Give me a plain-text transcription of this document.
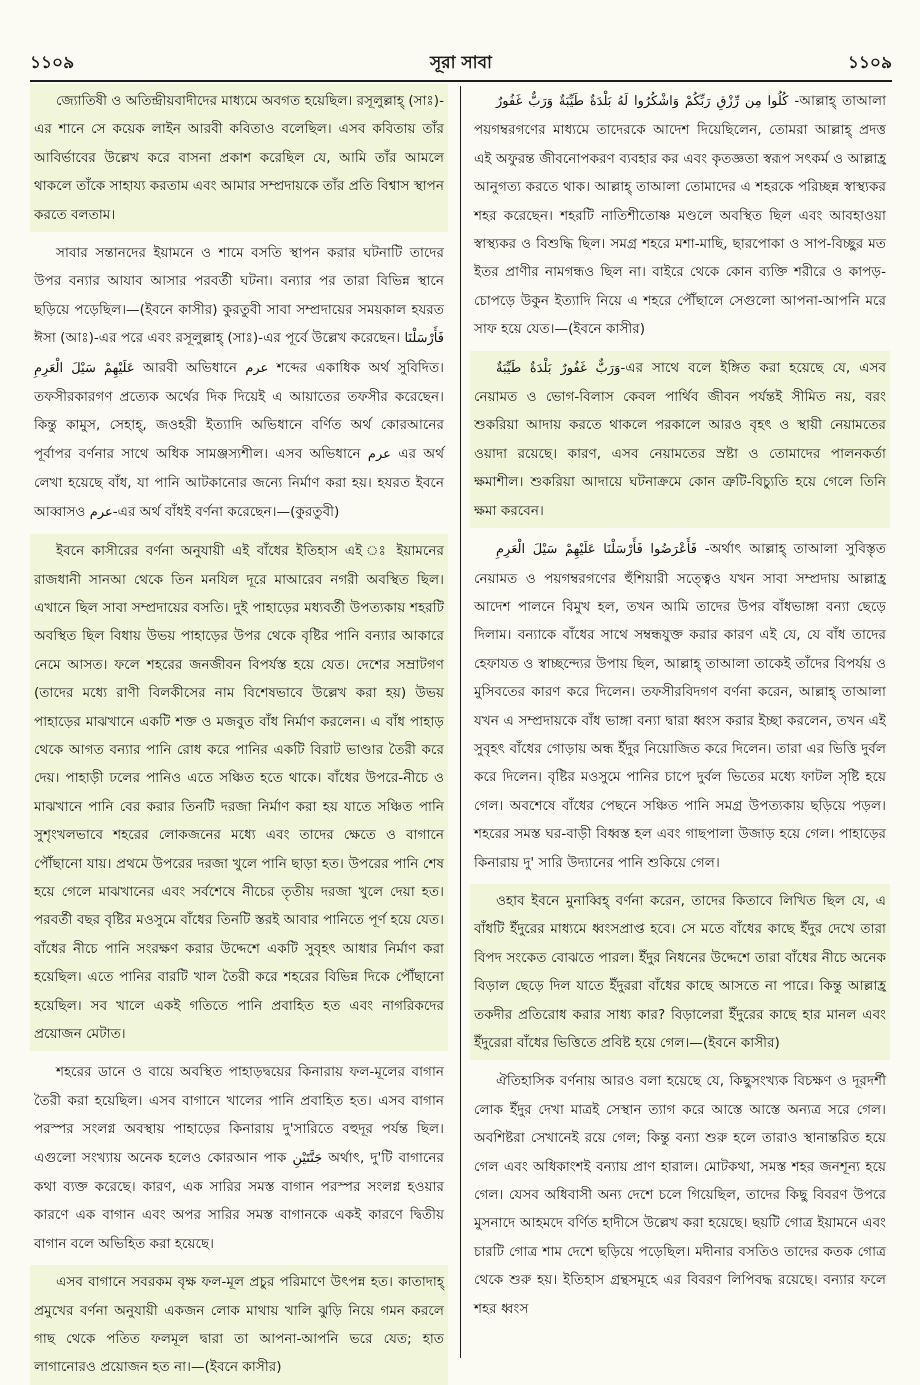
১১০৯	সূরা সাবা	১১০৯

জ্যোতিষী ও অতিন্দ্রীয়বাদীদের মাধ্যমে অবগত হয়েছিল। রসূলুল্লাহ্ (সাঃ)-এর শানে সে কয়েক লাইন আরবী কবিতাও বলেছিল। এসব কবিতায় তাঁর আবির্ভাবের উল্লেখ করে বাসনা প্রকাশ করেছিল যে, আমি তাঁর আমলে থাকলে তাঁকে সাহায্য করতাম এবং আমার সম্প্রদায়কে তাঁর প্রতি বিশ্বাস স্থাপন করতে বলতাম।

সাবার সন্তানদের ইয়ামনে ও শামে বসতি স্থাপন করার ঘটনাটি তাদের উপর বন্যার আযাব আসার পরবর্তী ঘটনা। বন্যার পর তারা বিভিন্ন স্থানে ছড়িয়ে পড়েছিল।—(ইবনে কাসীর) কুরতুবী সাবা সম্প্রদায়ের সময়কাল হযরত ঈসা (আঃ)-এর পরে এবং রসূলুল্লাহ্ (সাঃ)-এর পূর্বে উল্লেখ করেছেন। فَأَرْسَلْنَا عَلَيْهِمْ سَيْلَ الْعَرِمِ আরবী অভিধানে عرم শব্দের একাধিক অর্থ সুবিদিত। তফসীরকারগণ প্রত্যেক অর্থের দিক দিয়েই এ আয়াতের তফসীর করেছেন। কিন্তু কামুস, সেহাহ্, জওহরী ইত্যাদি অভিধানে বর্ণিত অর্থ কোরআনের পূর্বাপর বর্ণনার সাথে অধিক সামঞ্জস্যশীল। এসব অভিধানে عرم এর অর্থ লেখা হয়েছে বাঁধ, যা পানি আটকানোর জন্যে নির্মাণ করা হয়। হযরত ইবনে আব্বাসও عرم-এর অর্থ বাঁধই বর্ণনা করেছেন।—(কুরতুবী)

ইবনে কাসীরের বর্ণনা অনুযায়ী এই বাঁধের ইতিহাস এই ঃ ইয়ামনের রাজধানী সানআ থেকে তিন মনযিল দূরে মাআরেব নগরী অবস্থিত ছিল। এখানে ছিল সাবা সম্প্রদায়ের বসতি। দুই পাহাড়ের মধ্যবর্তী উপত্যকায় শহরটি অবস্থিত ছিল বিধায় উভয় পাহাড়ের উপর থেকে বৃষ্টির পানি বন্যার আকারে নেমে আসত। ফলে শহরের জনজীবন বিপর্যস্ত হয়ে যেত। দেশের সম্রাটগণ (তাদের মধ্যে রাণী বিলকীসের নাম বিশেষভাবে উল্লেখ করা হয়) উভয় পাহাড়ের মাঝখানে একটি শক্ত ও মজবুত বাঁধ নির্মাণ করলেন। এ বাঁধ পাহাড় থেকে আগত বন্যার পানি রোধ করে পানির একটি বিরাট ভাণ্ডার তৈরী করে দেয়। পাহাড়ী ঢলের পানিও এতে সঞ্চিত হতে থাকে। বাঁধের উপরে-নীচে ও মাঝখানে পানি বের করার তিনটি দরজা নির্মাণ করা হয় যাতে সঞ্চিত পানি সুশৃংখলভাবে শহরের লোকজনের মধ্যে এবং তাদের ক্ষেতে ও বাগানে পৌঁছানো যায়। প্রথমে উপরের দরজা খুলে পানি ছাড়া হত। উপরের পানি শেষ হয়ে গেলে মাঝখানের এবং সর্বশেষে নীচের তৃতীয় দরজা খুলে দেয়া হত। পরবর্তী বছর বৃষ্টির মওসুমে বাঁধের তিনটি স্তরই আবার পানিতে পূর্ণ হয়ে যেত। বাঁধের নীচে পানি সংরক্ষণ করার উদ্দেশে একটি সুবৃহৎ আধার নির্মাণ করা হয়েছিল। এতে পানির বারটি খাল তৈরী করে শহরের বিভিন্ন দিকে পৌঁছানো হয়েছিল। সব খালে একই গতিতে পানি প্রবাহিত হত এবং নাগরিকদের প্রয়োজন মেটাত।

শহরের ডানে ও বায়ে অবস্থিত পাহাড়দ্বয়ের কিনারায় ফল-মূলের বাগান তৈরী করা হয়েছিল। এসব বাগানে খালের পানি প্রবাহিত হত। এসব বাগান পরস্পর সংলগ্ন অবস্থায় পাহাড়ের কিনারায় দু'সারিতে বহুদূর পর্যন্ত ছিল। এগুলো সংখ্যায় অনেক হলেও কোরআন পাক جَنَّتَيْنِ অর্থাৎ, দু'টি বাগানের কথা ব্যক্ত করেছে। কারণ, এক সারির সমস্ত বাগান পরস্পর সংলগ্ন হওয়ার কারণে এক বাগান এবং অপর সারির সমস্ত বাগানকে একই কারণে দ্বিতীয় বাগান বলে অভিহিত করা হয়েছে।

এসব বাগানে সবরকম বৃক্ষ ফল-মূল প্রচুর পরিমাণে উৎপন্ন হত। কাতাদাহ্ প্রমুখের বর্ণনা অনুযায়ী একজন লোক মাথায় খালি ঝুড়ি নিয়ে গমন করলে গাছ থেকে পতিত ফলমূল দ্বারা তা আপনা-আপনি ভরে যেত; হাত লাগানোরও প্রয়োজন হত না।—(ইবনে কাসীর)

كُلُوا مِن رِّزْقِ رَبِّكُمْ وَاشْكُرُوا لَهُ بَلْدَةٌ طَيِّبَةٌ وَرَبٌّ غَفُورٌ -আল্লাহ্ তাআলা পয়গম্বরগণের মাধ্যমে তাদেরকে আদেশ দিয়েছিলেন, তোমরা আল্লাহ্ প্রদত্ত এই অফুরন্ত জীবনোপকরণ ব্যবহার কর এবং কৃতজ্ঞতা স্বরূপ সৎকর্ম ও আল্লাহ্র আনুগত্য করতে থাক। আল্লাহ্ তাআলা তোমাদের এ শহরকে পরিচ্ছন্ন স্বাস্থ্যকর শহর করেছেন। শহরটি নাতিশীতোষ্ণ মণ্ডলে অবস্থিত ছিল এবং আবহাওয়া স্বাস্থ্যকর ও বিশুদ্ধি ছিল। সমগ্র শহরে মশা-মাছি, ছারপোকা ও সাপ-বিচ্ছুর মত ইতর প্রাণীর নামগন্ধও ছিল না। বাইরে থেকে কোন ব্যক্তি শরীরে ও কাপড়-চোপড়ে উকুন ইত্যাদি নিয়ে এ শহরে পৌঁছালে সেগুলো আপনা-আপনি মরে সাফ হয়ে যেত।—(ইবনে কাসীর)

بَلْدَةٌ طَيِّبَةٌ وَرَبٌّ غَفُورٌ-এর সাথে বলে ইঙ্গিত করা হয়েছে যে, এসব নেয়ামত ও ভোগ-বিলাস কেবল পার্থিব জীবন পর্যন্তই সীমিত নয়, বরং শুকরিয়া আদায় করতে থাকলে পরকালে আরও বৃহৎ ও স্থায়ী নেয়ামতের ওয়াদা রয়েছে। কারণ, এসব নেয়ামতের স্রষ্টা ও তোমাদের পালনকর্তা ক্ষমাশীল। শুকরিয়া আদায়ে ঘটনাক্রমে কোন ত্রুটি-বিচ্যুতি হয়ে গেলে তিনি ক্ষমা করবেন।

فَأَعْرَضُوا فَأَرْسَلْنَا عَلَيْهِمْ سَيْلَ الْعَرِمِ -অর্থাৎ আল্লাহ্ তাআলা সুবিস্তৃত নেয়ামত ও পয়গম্বরগণের হুঁশিয়ারী সত্ত্বেও যখন সাবা সম্প্রদায় আল্লাহ্র আদেশ পালনে বিমুখ হল, তখন আমি তাদের উপর বাঁধভাঙ্গা বন্যা ছেড়ে দিলাম। বন্যাকে বাঁধের সাথে সম্বন্ধযুক্ত করার কারণ এই যে, যে বাঁধ তাদের হেফাযত ও স্বাচ্ছন্দ্যের উপায় ছিল, আল্লাহ্ তাআলা তাকেই তাঁদের বিপর্যয় ও মুসিবতের কারণ করে দিলেন। তফসীরবিদগণ বর্ণনা করেন, আল্লাহ্ তাআলা যখন এ সম্প্রদায়কে বাঁধ ভাঙ্গা বন্যা দ্বারা ধ্বংস করার ইচ্ছা করলেন, তখন এই সুবৃহৎ বাঁধের গোড়ায় অন্ধ ইঁদুর নিয়োজিত করে দিলেন। তারা এর ভিত্তি দুর্বল করে দিলেন। বৃষ্টির মওসুমে পানির চাপে দুর্বল ভিতের মধ্যে ফাটল সৃষ্টি হয়ে গেল। অবশেষে বাঁধের পেছনে সঞ্চিত পানি সমগ্র উপত্যকায় ছড়িয়ে পড়ল। শহরের সমস্ত ঘর-বাড়ী বিধ্বস্ত হল এবং গাছপালা উজাড় হয়ে গেল। পাহাড়ের কিনারায় দু' সারি উদ্যানের পানি শুকিয়ে গেল।

ওহাব ইবনে মুনাব্বিহ্ বর্ণনা করেন, তাদের কিতাবে লিখিত ছিল যে, এ বাঁধটি ইঁদুরের মাধ্যমে ধ্বংসপ্রাপ্ত হবে। সে মতে বাঁধের কাছে ইঁদুর দেখে তারা বিপদ সংকেত বোঝতে পারল। ইঁদুর নিধনের উদ্দেশে তারা বাঁধের নীচে অনেক বিড়াল ছেড়ে দিল যাতে ইঁদুররা বাঁধের কাছে আসতে না পারে। কিন্তু আল্লাহ্র তকদীর প্রতিরোধ করার সাধ্য কার? বিড়ালেরা ইঁদুরের কাছে হার মানল এবং ইঁদুরেরা বাঁধের ভিত্তিতে প্রবিষ্ট হয়ে গেল।—(ইবনে কাসীর)

ঐতিহাসিক বর্ণনায় আরও বলা হয়েছে যে, কিছুসংখ্যক বিচক্ষণ ও দূরদর্শী লোক ইঁদুর দেখা মাত্রই সেস্থান ত্যাগ করে আস্তে আস্তে অন্যত্র সরে গেল। অবশিষ্টরা সেখানেই রয়ে গেল; কিন্তু বন্যা শুরু হলে তারাও স্থানান্তরিত হয়ে গেল এবং অধিকাংশই বন্যায় প্রাণ হারাল। মোটকথা, সমস্ত শহর জনশূন্য হয়ে গেল। যেসব অধিবাসী অন্য দেশে চলে গিয়েছিল, তাদের কিছু বিবরণ উপরে মুসনাদে আহমদে বর্ণিত হাদীসে উল্লেখ করা হয়েছে। ছয়টি গোত্র ইয়ামনে এবং চারটি গোত্র শাম দেশে ছড়িয়ে পড়েছিল। মদীনার বসতিও তাদের কতক গোত্র থেকে শুরু হয়। ইতিহাস গ্রন্থসমূহে এর বিবরণ লিপিবদ্ধ রয়েছে। বন্যার ফলে শহর ধ্বংস
